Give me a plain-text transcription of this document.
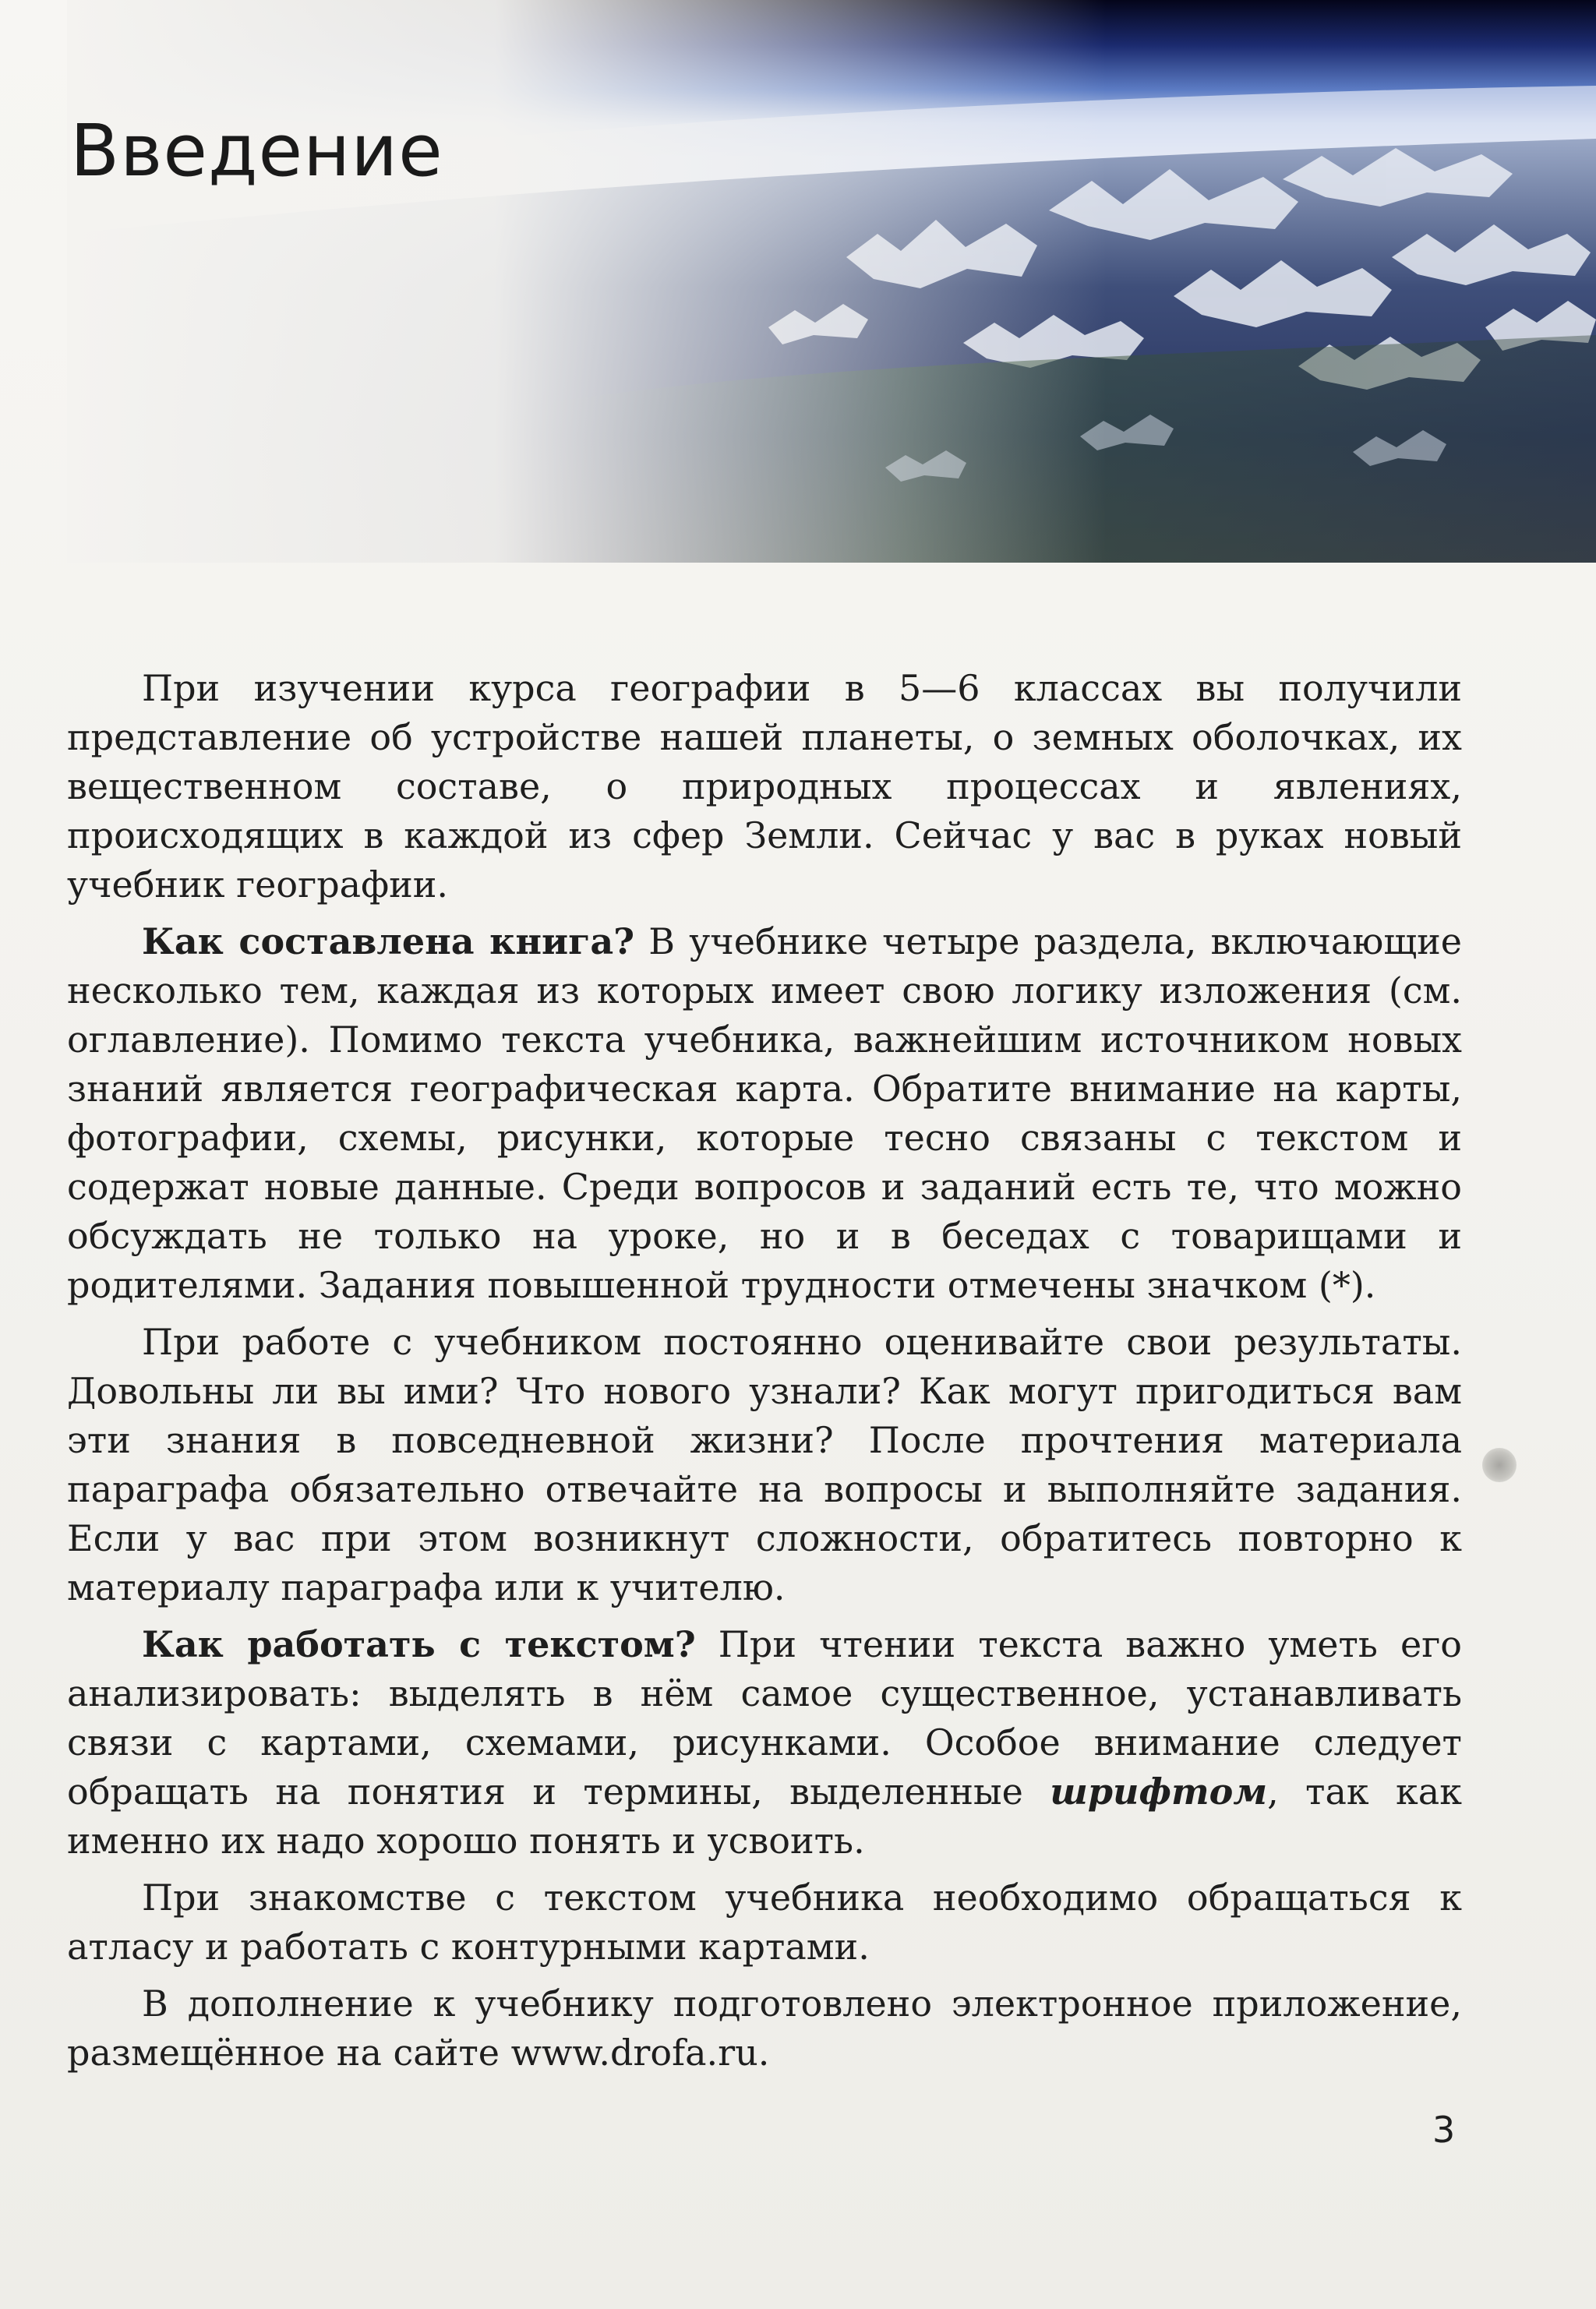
Введение

При изучении курса географии в 5—6 классах вы получили представление об устройстве нашей планеты, о земных оболочках, их вещественном составе, о природных процессах и явлениях, происходящих в каждой из сфер Земли. Сейчас у вас в руках новый учебник географии.

Как составлена книга? В учебнике четыре раздела, включающие несколько тем, каждая из которых имеет свою логику изложения (см. оглавление). Помимо текста учебника, важнейшим источником новых знаний является географическая карта. Обратите внимание на карты, фотографии, схемы, рисунки, которые тесно связаны с текстом и содержат новые данные. Среди вопросов и заданий есть те, что можно обсуждать не только на уроке, но и в беседах с товарищами и родителями. Задания повышенной трудности отмечены значком (*).

При работе с учебником постоянно оценивайте свои результаты. Довольны ли вы ими? Что нового узнали? Как могут пригодиться вам эти знания в повседневной жизни? После прочтения материала параграфа обязательно отвечайте на вопросы и выполняйте задания. Если у вас при этом возникнут сложности, обратитесь повторно к материалу параграфа или к учителю.

Как работать с текстом? При чтении текста важно уметь его анализировать: выделять в нём самое существенное, устанавливать связи с картами, схемами, рисунками. Особое внимание следует обращать на понятия и термины, выделенные шрифтом, так как именно их надо хорошо понять и усвоить.

При знакомстве с текстом учебника необходимо обращаться к атласу и работать с контурными картами.

В дополнение к учебнику подготовлено электронное приложение, размещённое на сайте www.drofa.ru.

3
